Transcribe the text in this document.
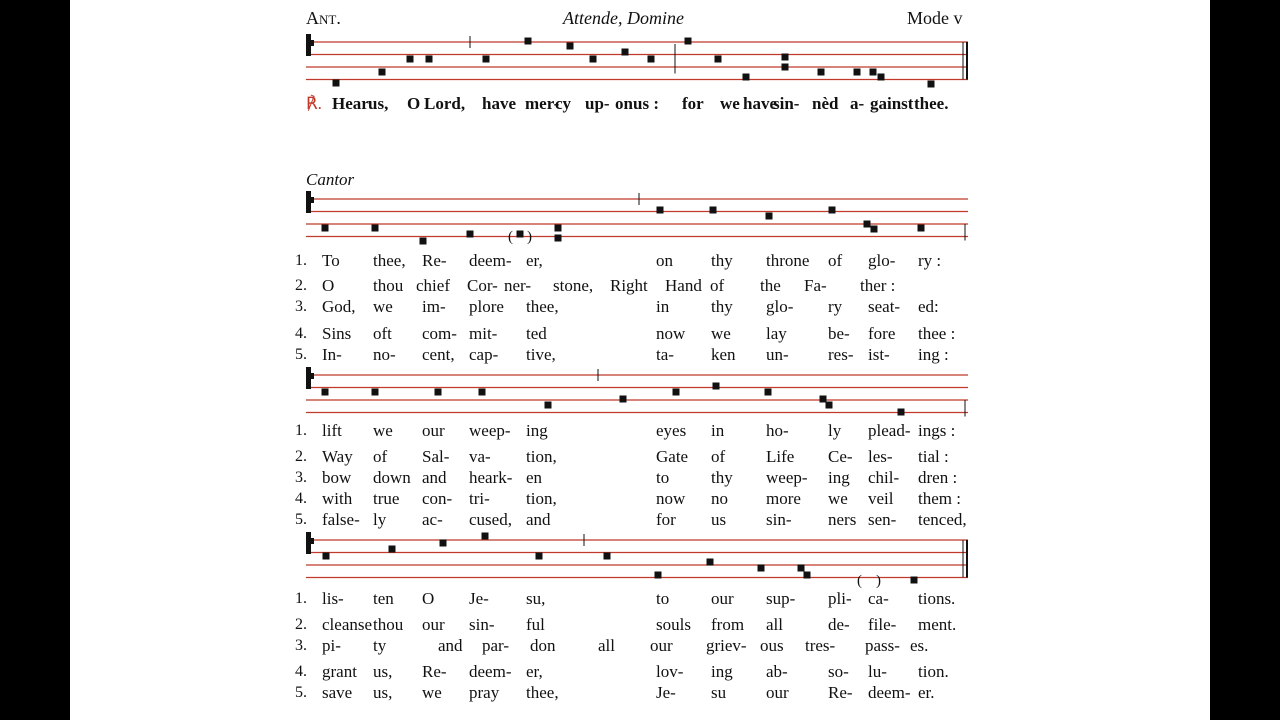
( )
( )
Ant.	Attende, Domine	Mode v
Cantor
℟. Hear us, O Lord, have mer-
cy up- on us : for we have
sin- nèd a- gainst thee.
1. To thee, Re- deem- er,	on thy throne of glo- ry :
2. O thou chief Cor- ner- stone, Right Hand of the Fa- ther :
3. God, we im- plore thee,	in thy glo- ry seat- ed:
4. Sins oft com- mit- ted	now we lay be- fore thee :
5. In- no- cent, cap- tive,	ta- ken un- res- ist- ing :
1. lift we our weep- ing	eyes in ho- ly plead- ings :
2. Way of Sal- va- tion,	Gate of Life Ce- les- tial :
3. bow down and heark- en	to thy weep- ing chil- dren :
4. with true con- tri- tion,	now no more we veil them :
5. false- ly ac- cused, and	for us sin- ners sen- tenced,
1. lis- ten O Je- su,	to our sup- pli- ca- tions.
2. cleanse thou our sin- ful	souls from all	de- file- ment.
3. pi- ty	and par- don	all our griev- ous tres- pass- es.
4. grant us, Re- deem- er,	lov- ing ab- so- lu- tion.
5. save us, we pray thee,	Je- su our Re- deem- er.
